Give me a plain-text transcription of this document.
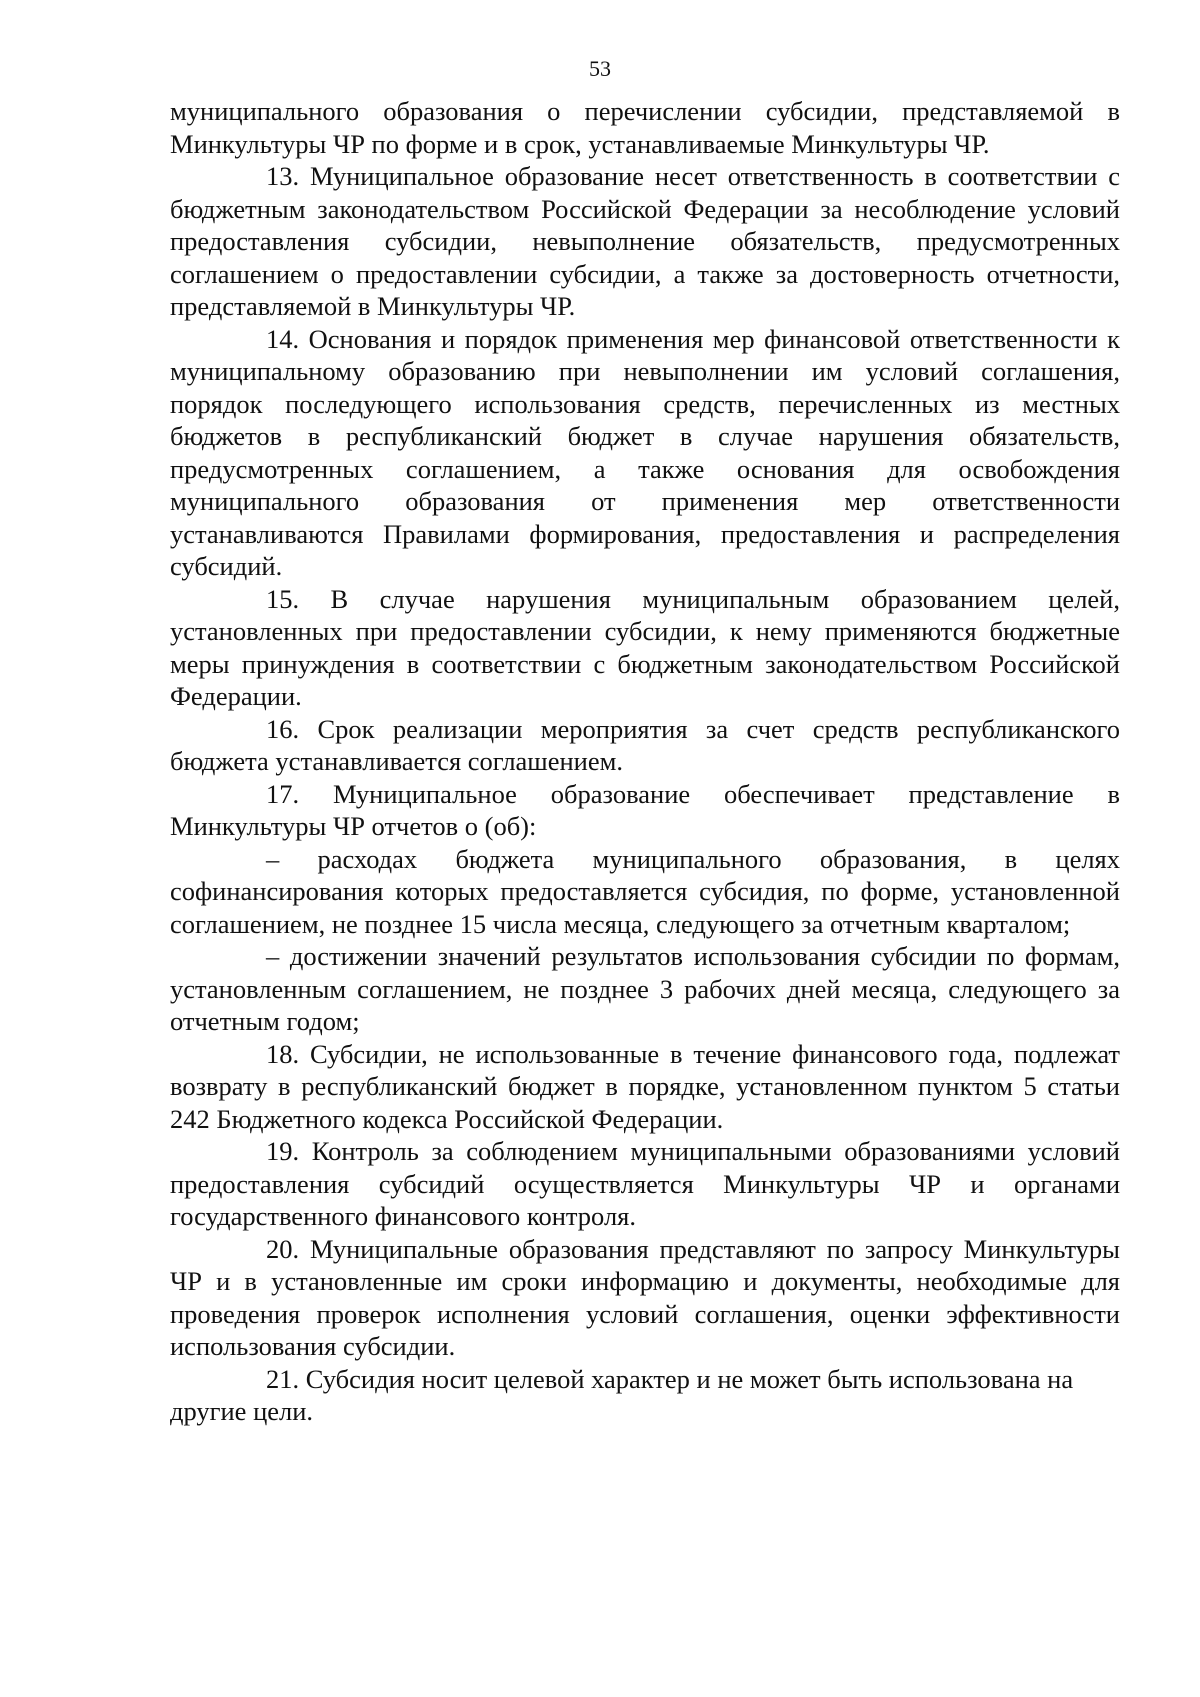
53

муниципального образования о перечислении субсидии, представляемой в Минкультуры ЧР по форме и в срок, устанавливаемые Минкультуры ЧР.

13. Муниципальное образование несет ответственность в соответствии с бюджетным законодательством Российской Федерации за несоблюдение условий предоставления субсидии, невыполнение обязательств, предусмотренных соглашением о предоставлении субсидии, а также за достоверность отчетности, представляемой в Минкультуры ЧР.

14. Основания и порядок применения мер финансовой ответственности к муниципальному образованию при невыполнении им условий соглашения, порядок последующего использования средств, перечисленных из местных бюджетов в республиканский бюджет в случае нарушения обязательств, предусмотренных соглашением, а также основания для освобождения муниципального образования от применения мер ответственности устанавливаются Правилами формирования, предоставления и распределения субсидий.

15. В случае нарушения муниципальным образованием целей, установленных при предоставлении субсидии, к нему применяются бюджетные меры принуждения в соответствии с бюджетным законодательством Российской Федерации.

16. Срок реализации мероприятия за счет средств республиканского бюджета устанавливается соглашением.

17. Муниципальное образование обеспечивает представление в Минкультуры ЧР отчетов о (об):

– расходах бюджета муниципального образования, в целях софинансирования которых предоставляется субсидия, по форме, установленной соглашением, не позднее 15 числа месяца, следующего за отчетным кварталом;

– достижении значений результатов использования субсидии по формам, установленным соглашением, не позднее 3 рабочих дней месяца, следующего за отчетным годом;

18. Субсидии, не использованные в течение финансового года, подлежат возврату в республиканский бюджет в порядке, установленном пунктом 5 статьи 242 Бюджетного кодекса Российской Федерации.

19. Контроль за соблюдением муниципальными образованиями условий предоставления субсидий осуществляется Минкультуры ЧР и органами государственного финансового контроля.

20. Муниципальные образования представляют по запросу Минкультуры ЧР и в установленные им сроки информацию и документы, необходимые для проведения проверок исполнения условий соглашения, оценки эффективности использования субсидии.

21. Субсидия носит целевой характер и не может быть использована на другие цели.
